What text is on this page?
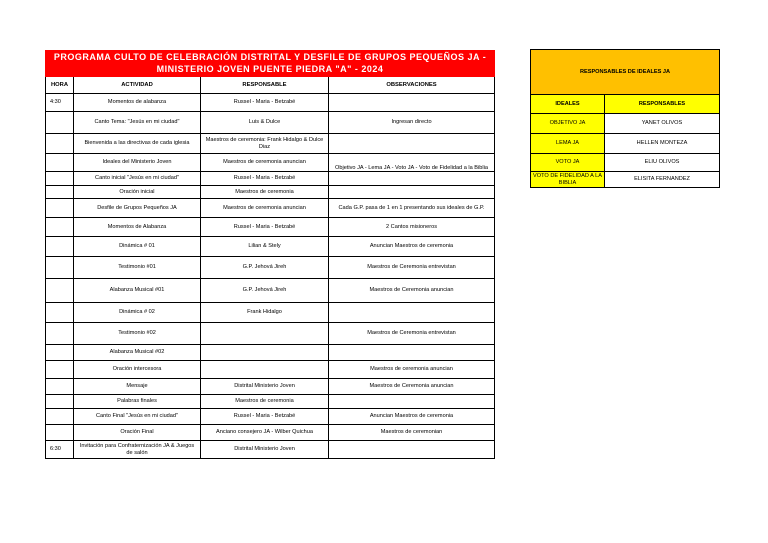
PROGRAMA CULTO DE CELEBRACIÓN DISTRITAL Y DESFILE DE GRUPOS PEQUEÑOS JA -
MINISTERIO JOVEN PUENTE PIEDRA "A" - 2024			

HORA	ACTIVIDAD	RESPONSABLE	OBSERVACIONES
4:30	Momentos de alabanza	Russel - Maria - Betzabé	
	Canto Tema: "Jesús en mi ciudad"	Luis & Dulce	Ingresan directo
	Bienvenida a las directivas de cada iglesia	Maestros de ceremonia: Frank Hidalgo & Dulce Diaz	
	Ideales del Ministerio Joven	Maestros de ceremonia anuncian	Objetivo JA - Lema JA - Voto JA - Voto de Fidelidad a la Biblia
	Canto inicial "Jesús en mi ciudad"	Russel - Maria - Betzabé	
	Oración inicial	Maestros de ceremonia	
	Desfile de Grupos Pequeños JA	Maestros de ceremonia anuncian	Cada G.P. pasa de 1 en 1 presentando sus ideales de G.P.
	Momentos de Alabanza	Russel - Maria - Betzabé	2 Cantos misioneros
	Dinámica # 01	Lilian & Stely	Anuncian Maestros de ceremonia
	Testimonio #01	G.P. Jehová Jireh	Maestros de Ceremonia entrevistan
	Alabanza Musical #01	G.P. Jehová Jireh	Maestros de Ceremonia anuncian
	Dinámica # 02	Frank Hidalgo	
	Testimonio #02		Maestros de Ceremonia entrevistan
	Alabanza Musical #02		
	Oración intercesora		Maestros de ceremonia anuncian
	Mensaje	Distrital Ministerio Joven	Maestros de Ceremonia anuncian
	Palabras finales	Maestros de ceremonia	
	Canto Final "Jesús en mi ciudad"	Russel - Maria - Betzabé	Anuncian Maestros de ceremonia
	Oración Final	Anciano consejero JA - Wilber Quichua	Maestros de ceremonian
6:30	Invitación para Confraternización JA & Juegos de salón	Distrital Ministerio Joven	
RESPONSABLES DE IDEALES JA	
IDEALES	RESPONSABLES
OBJETIVO JA	YANET OLIVOS
LEMA JA	HELLEN MONTEZA
VOTO JA	ELIU OLIVOS
VOTO DE FIDELIDAD A LA BIBLIA	ELISITA FERNANDEZ
